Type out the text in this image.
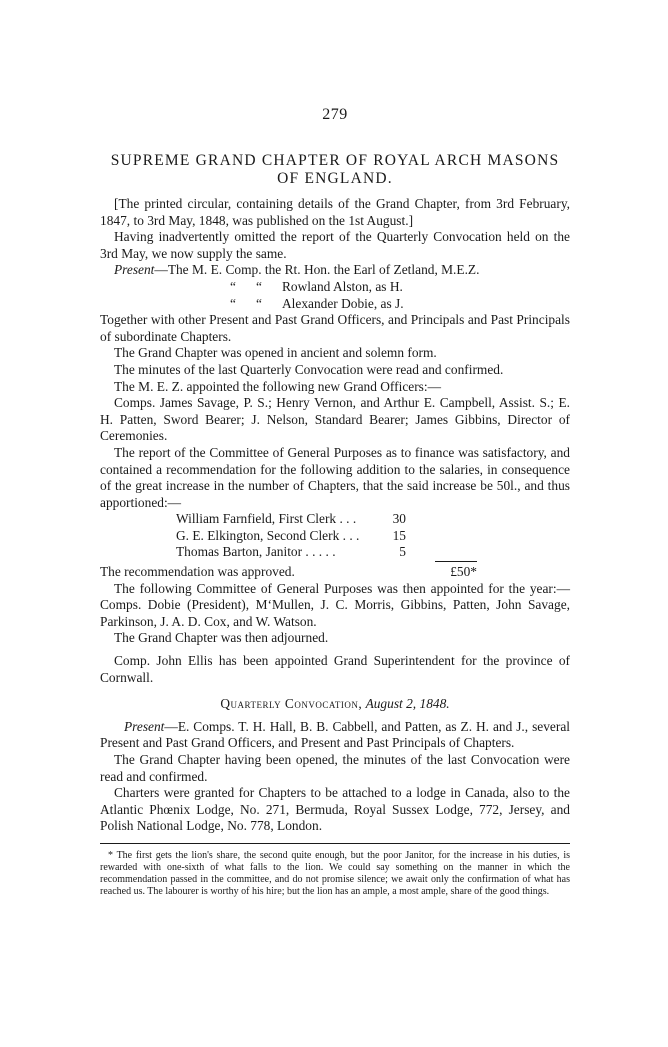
279
SUPREME GRAND CHAPTER OF ROYAL ARCH MASONS
OF ENGLAND.

[The printed circular, containing details of the Grand Chapter, from 3rd February, 1847, to 3rd May, 1848, was published on the 1st August.]

Having inadvertently omitted the report of the Quarterly Convocation held on the 3rd May, we now supply the same.

Present—The M. E. Comp. the Rt. Hon. the Earl of Zetland, M.E.Z.

“      “ Rowland Alston, as H.

“      “ Alexander Dobie, as J.

Together with other Present and Past Grand Officers, and Principals and Past Principals of subordinate Chapters.

The Grand Chapter was opened in ancient and solemn form.

The minutes of the last Quarterly Convocation were read and confirmed.

The M. E. Z. appointed the following new Grand Officers:—

Comps. James Savage, P. S.; Henry Vernon, and Arthur E. Campbell, Assist. S.; E. H. Patten, Sword Bearer; J. Nelson, Standard Bearer; James Gibbins, Director of Ceremonies.

The report of the Committee of General Purposes as to finance was satisfactory, and contained a recommendation for the following addition to the salaries, in consequence of the great increase in the number of Chapters, that the said increase be 50l., and thus apportioned:—

William Farnfield, First Clerk . . .	30
G. E. Elkington, Second Clerk . . .	15
Thomas Barton, Janitor . . . . .	5
The recommendation was approved.	£50*

The following Committee of General Purposes was then appointed for the year:—Comps. Dobie (President), M‘Mullen, J. C. Morris, Gibbins, Patten, John Savage, Parkinson, J. A. D. Cox, and W. Watson.

The Grand Chapter was then adjourned.

Comp. John Ellis has been appointed Grand Superintendent for the province of Cornwall.

Quarterly Convocation, August 2, 1848.

Present—E. Comps. T. H. Hall, B. B. Cabbell, and Patten, as Z. H. and J., several Present and Past Grand Officers, and Present and Past Principals of Chapters.

The Grand Chapter having been opened, the minutes of the last Convocation were read and confirmed.

Charters were granted for Chapters to be attached to a lodge in Canada, also to the Atlantic Phœnix Lodge, No. 271, Bermuda, Royal Sussex Lodge, 772, Jersey, and Polish National Lodge, No. 778, London.

* The first gets the lion's share, the second quite enough, but the poor Janitor, for the increase in his duties, is rewarded with one-sixth of what falls to the lion. We could say something on the manner in which the recommendation passed in the committee, and do not promise silence; we await only the confirmation of what has reached us. The labourer is worthy of his hire; but the lion has an ample, a most ample, share of the good things.
